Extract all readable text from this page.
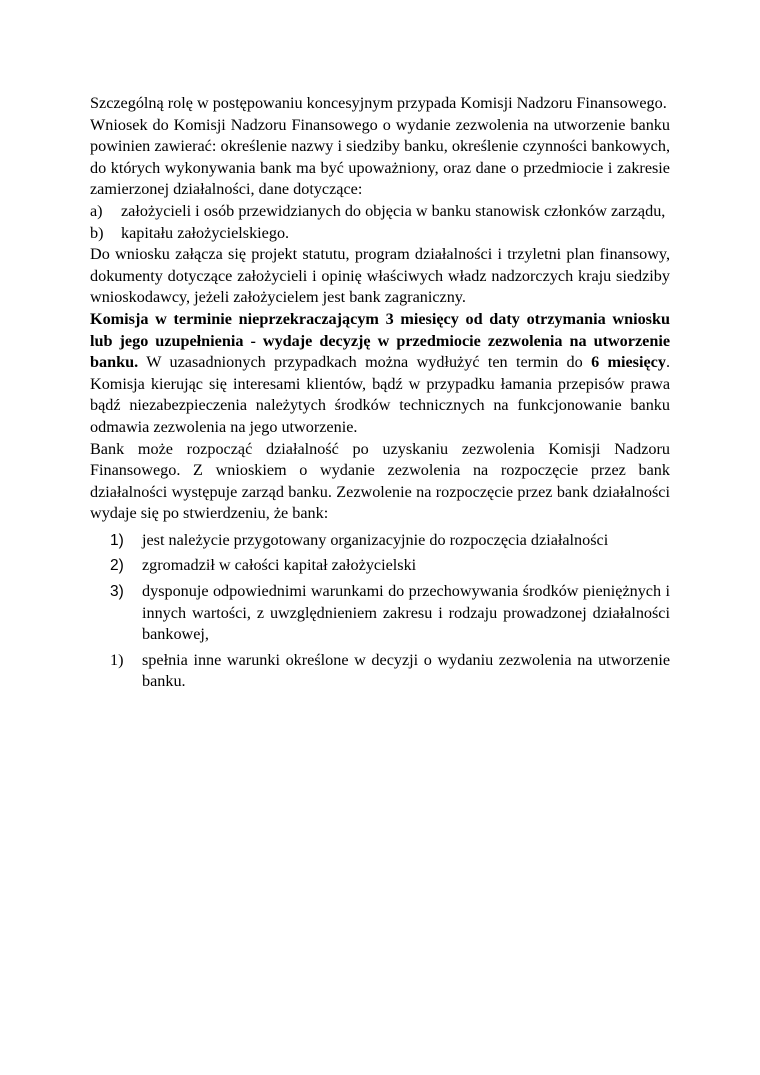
Szczególną rolę w postępowaniu koncesyjnym przypada Komisji Nadzoru Finansowego.

Wniosek do Komisji Nadzoru Finansowego o wydanie zezwolenia na utworzenie banku powinien zawierać: określenie nazwy i siedziby banku, określenie czynności bankowych, do których wykonywania bank ma być upoważniony, oraz dane o przedmiocie i zakresie zamierzonej działalności, dane dotyczące:

a)	założycieli i osób przewidzianych do objęcia w banku stanowisk członków zarządu,
b)	kapitału założycielskiego.

Do wniosku załącza się projekt statutu, program działalności i trzyletni plan finansowy, dokumenty dotyczące założycieli i opinię właściwych władz nadzorczych kraju siedziby wnioskodawcy, jeżeli założycielem jest bank zagraniczny.

Komisja w terminie nieprzekraczającym 3 miesięcy od daty otrzymania wniosku lub jego uzupełnienia - wydaje decyzję w przedmiocie zezwolenia na utworzenie banku. W uzasadnionych przypadkach można wydłużyć ten termin do 6 miesięcy. Komisja kierując się interesami klientów, bądź w przypadku łamania przepisów prawa bądź niezabezpieczenia należytych środków technicznych na funkcjonowanie banku odmawia zezwolenia na jego utworzenie.

Bank może rozpocząć działalność po uzyskaniu zezwolenia Komisji Nadzoru Finansowego. Z wnioskiem o wydanie zezwolenia na rozpoczęcie przez bank działalności występuje zarząd banku. Zezwolenie na rozpoczęcie przez bank działalności wydaje się po stwierdzeniu, że bank:

1)	jest należycie przygotowany organizacyjnie do rozpoczęcia działalności
2)	zgromadził w całości kapitał założycielski
3)	dysponuje odpowiednimi warunkami do przechowywania środków pieniężnych i innych wartości, z uwzględnieniem zakresu i rodzaju prowadzonej działalności bankowej,
1)	spełnia inne warunki określone w decyzji o wydaniu zezwolenia na utworzenie banku.
